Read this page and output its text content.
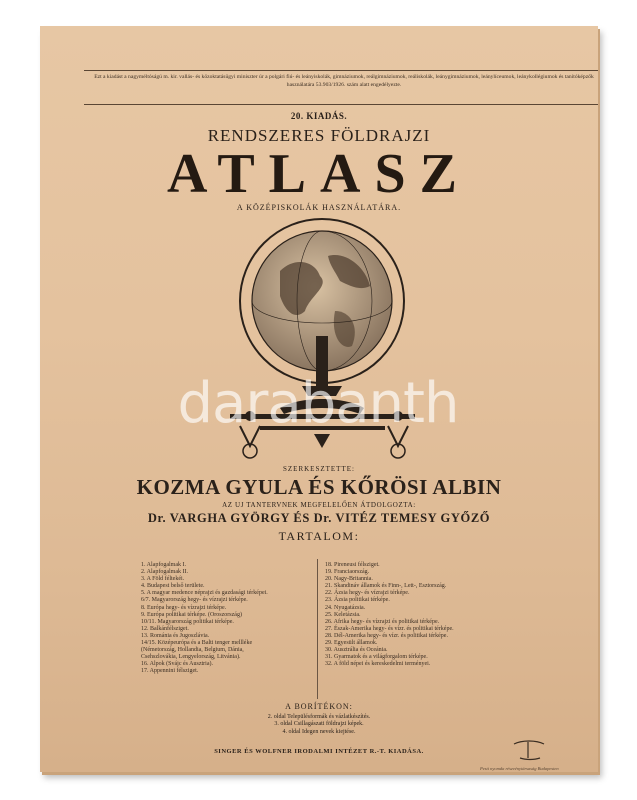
Ezt a kiadást a nagyméltóságú m. kir. vallás- és közoktatásügyi miniszter úr a polgári fiú- és leányiskolák, gimnáziumok, reálgimnáziumok, reáliskolák, leánygimnáziumok, leánylíceumok, leánykollégiumok és tanítóképzők használatára 53.903/1926. szám alatt engedélyezte.
20. KIADÁS.
RENDSZERES FÖLDRAJZI
ATLASZ
A KÖZÉPISKOLÁK HASZNÁLATÁRA.
darabanth
SZERKESZTETTE:
KOZMA GYULA ÉS KŐRÖSI ALBIN
AZ UJ TANTERVNEK MEGFELELŐEN ÁTDOLGOZTA:
Dr. VARGHA GYÖRGY ÉS Dr. VITÉZ TEMESY GYŐZŐ
TARTALOM:
1. Alapfogalmak I.
2. Alapfogalmak II.
3. A Föld féltekéi.
4. Budapest belső területe.
5. A magyar medence néprajzi és gazdasági térképei.
6/7. Magyarország hegy- és vízrajzi térképe.
8. Európa hegy- és vízrajzi térképe.
9. Európa politikai térképe. (Oroszország)
10/11. Magyarország politikai térképe.
12. Balkánfélsziget.
13. Románia és Jugoszlávia.
14/15. Középeurópa és a Balti tenger mellléke
(Németország, Hollandia, Belgium, Dánia,
Csehszlovákia, Lengyelország, Litvánia).
16. Alpok (Svájc és Ausztria).
17. Appennini félsziget.
18. Pireneusi félsziget.
19. Franciaország.
20. Nagy-Britannia.
21. Skandináv államok és Finn-, Lett-, Esztország.
22. Ázsia hegy- és vízrajzi térképe.
23. Ázsia politikai térképe.
24. Nyugatázsia.
25. Keletázsia.
26. Afrika hegy- és vízrajzi és politikai térképe.
27. Észak-Amerika hegy- és vízr. és politikai térképe.
28. Dél-Amerika hegy- és vízr. és politikai térképe.
29. Egyesült államok.
30. Ausztrália és Oceánia.
31. Gyarmatok és a világforgalom térképe.
32. A föld népei és kereskedelmi terményei.
A BORÍTÉKON:
2. oldal Településformák és vázlatkészítés.
3. oldal Csillagászati földrajzi képek.
4. oldal Idegen nevek kiejtése.
SINGER ÉS WOLFNER IRODALMI INTÉZET R.-T. KIADÁSA.
Pesti nyomda részvénytársaság Budapesten
